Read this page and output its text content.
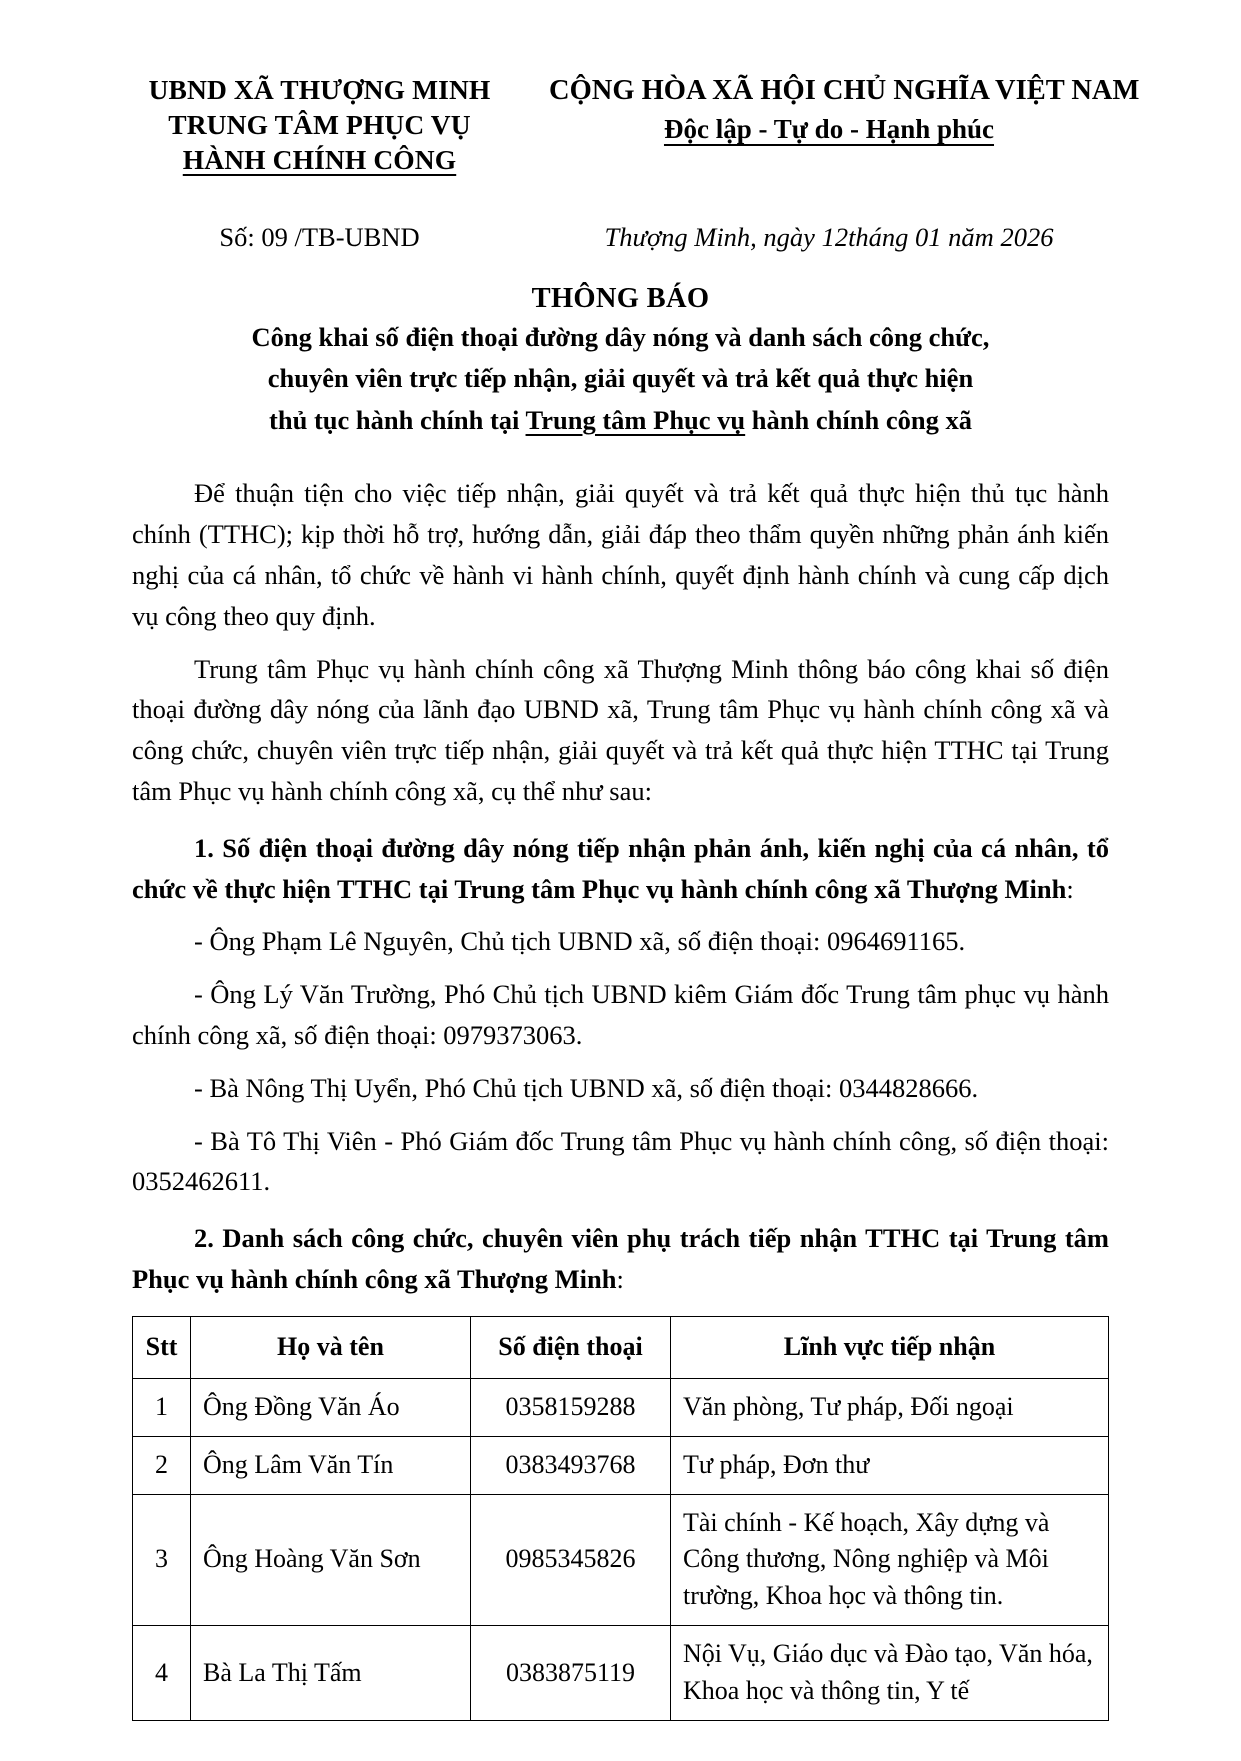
UBND XÃ THƯỢNG MINH
TRUNG TÂM PHỤC VỤ
HÀNH CHÍNH CÔNG
CỘNG HÒA XÃ HỘI CHỦ NGHĨA VIỆT NAM
Độc lập - Tự do - Hạnh phúc
Số: 09 /TB-UBND	Thượng Minh, ngày 12tháng 01 năm 2026
THÔNG BÁO
Công khai số điện thoại đường dây nóng và danh sách công chức,
chuyên viên trực tiếp nhận, giải quyết và trả kết quả thực hiện
thủ tục hành chính tại Trung tâm Phục vụ hành chính công xã

Để thuận tiện cho việc tiếp nhận, giải quyết và trả kết quả thực hiện thủ tục hành chính (TTHC); kịp thời hỗ trợ, hướng dẫn, giải đáp theo thẩm quyền những phản ánh kiến nghị của cá nhân, tổ chức về hành vi hành chính, quyết định hành chính và cung cấp dịch vụ công theo quy định.

Trung tâm Phục vụ hành chính công xã Thượng Minh thông báo công khai số điện thoại đường dây nóng của lãnh đạo UBND xã, Trung tâm Phục vụ hành chính công xã và công chức, chuyên viên trực tiếp nhận, giải quyết và trả kết quả thực hiện TTHC tại Trung tâm Phục vụ hành chính công xã, cụ thể như sau:

1. Số điện thoại đường dây nóng tiếp nhận phản ánh, kiến nghị của cá nhân, tổ chức về thực hiện TTHC tại Trung tâm Phục vụ hành chính công xã Thượng Minh:

- Ông Phạm Lê Nguyên, Chủ tịch UBND xã, số điện thoại: 0964691165.

- Ông Lý Văn Trường, Phó Chủ tịch UBND kiêm Giám đốc Trung tâm phục vụ hành chính công xã, số điện thoại: 0979373063.

- Bà Nông Thị Uyển, Phó Chủ tịch UBND xã, số điện thoại: 0344828666.

- Bà Tô Thị Viên - Phó Giám đốc Trung tâm Phục vụ hành chính công, số điện thoại: 0352462611.

2. Danh sách công chức, chuyên viên phụ trách tiếp nhận TTHC tại Trung tâm Phục vụ hành chính công xã Thượng Minh:

Stt	Họ và tên	Số điện thoại	Lĩnh vực tiếp nhận
1	Ông Đồng Văn Áo	0358159288	Văn phòng, Tư pháp, Đối ngoại
2	Ông Lâm Văn Tín	0383493768	Tư pháp, Đơn thư
3	Ông Hoàng Văn Sơn	0985345826	Tài chính - Kế hoạch, Xây dựng và Công thương, Nông nghiệp và Môi trường, Khoa học và thông tin.
4	Bà La Thị Tấm	0383875119	Nội Vụ, Giáo dục và Đào tạo, Văn hóa, Khoa học và thông tin, Y tế
